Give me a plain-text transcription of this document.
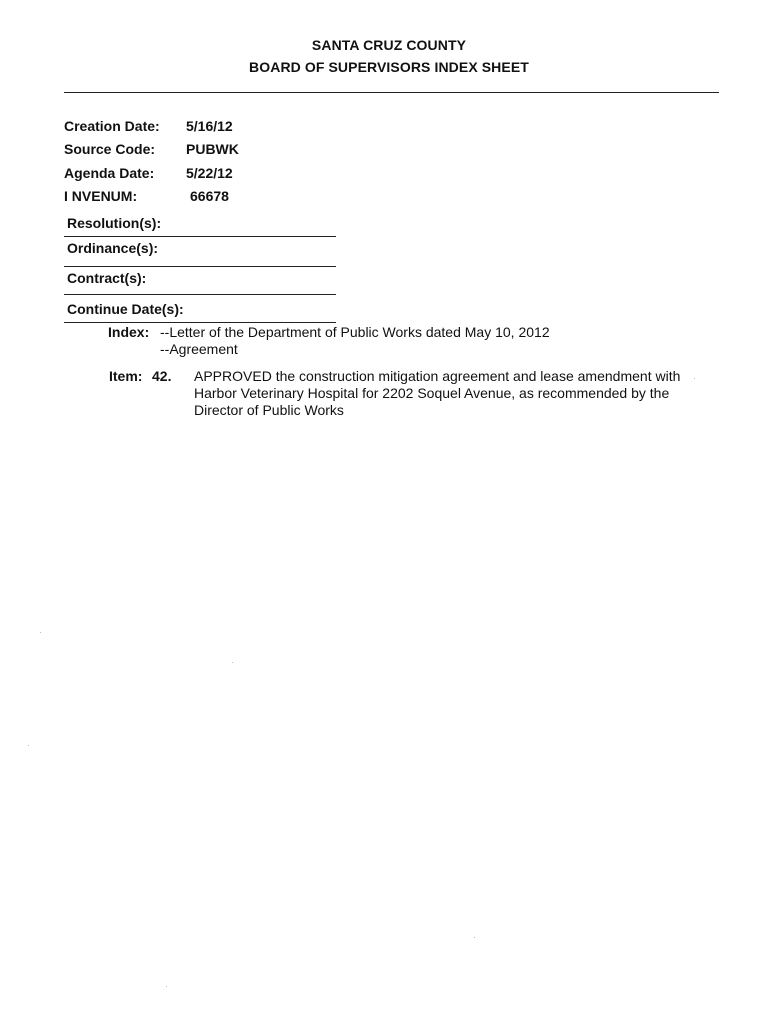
SANTA CRUZ COUNTY
BOARD OF SUPERVISORS INDEX SHEET
Creation Date: 5/16/12
Source Code: PUBWK
Agenda Date: 5/22/12
I NVENUM:	66678
Resolution(s):
Ordinance(s):
Contract(s):
Continue Date(s):
Index: --Letter of the Department of Public Works dated May 10, 2012
--Agreement
Item: 42. APPROVED the construction mitigation agreement and lease amendment with
Harbor Veterinary Hospital for 2202 Soquel Avenue, as recommended by the
Director of Public Works
